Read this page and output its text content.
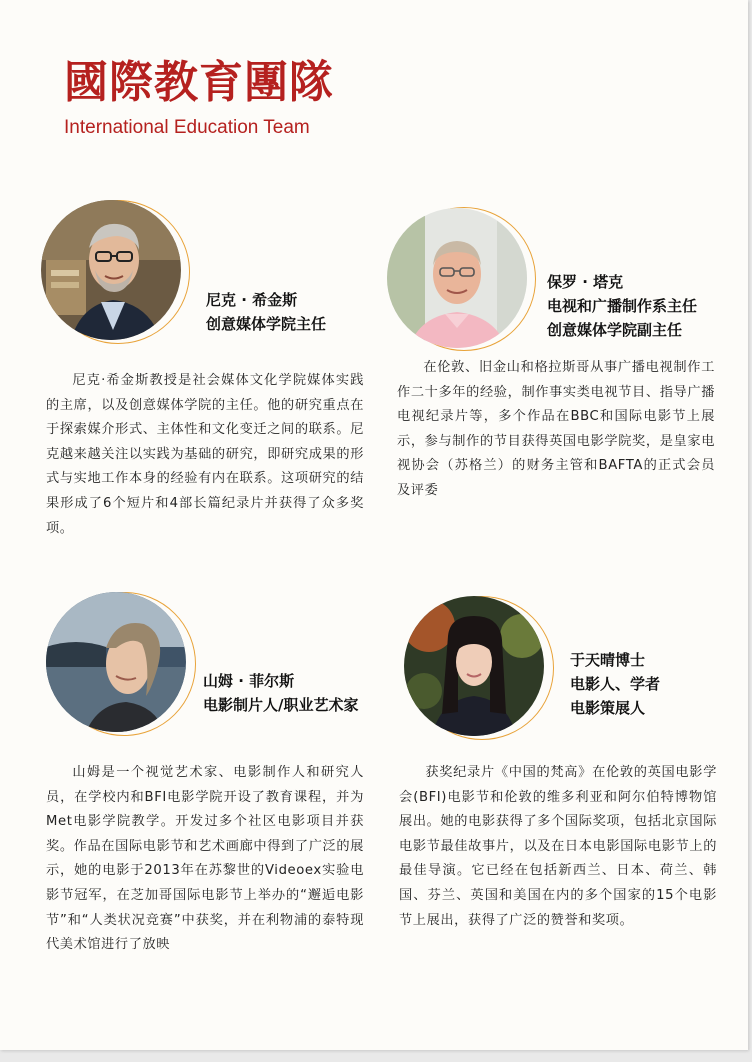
國際教育團隊
International Education Team
尼克 · 希金斯
创意媒体学院主任

尼克·希金斯教授是社会媒体文化学院媒体实践的主席，以及创意媒体学院的主任。他的研究重点在于探索媒介形式、主体性和文化变迁之间的联系。尼克越来越关注以实践为基础的研究，即研究成果的形式与实地工作本身的经验有内在联系。这项研究的结果形成了6个短片和4部长篇纪录片并获得了众多奖项。

保罗 · 塔克
电视和广播制作系主任
创意媒体学院副主任

在伦敦、旧金山和格拉斯哥从事广播电视制作工作二十多年的经验，制作事实类电视节目、指导广播电视纪录片等，多个作品在BBC和国际电影节上展示，参与制作的节目获得英国电影学院奖，是皇家电视协会（苏格兰）的财务主管和BAFTA的正式会员及评委

山姆 · 菲尔斯
电影制片人/职业艺术家

山姆是一个视觉艺术家、电影制作人和研究人员，在学校内和BFI电影学院开设了教育课程，并为Met电影学院教学。开发过多个社区电影项目并获奖。作品在国际电影节和艺术画廊中得到了广泛的展示，她的电影于2013年在苏黎世的Videoex实验电影节冠军，在芝加哥国际电影节上举办的“邂逅电影节”和“人类状况竞赛”中获奖，并在利物浦的泰特现代美术馆进行了放映

于天晴博士
电影人、学者
电影策展人

获奖纪录片《中国的梵高》在伦敦的英国电影学会(BFI)电影节和伦敦的维多利亚和阿尔伯特博物馆展出。她的电影获得了多个国际奖项，包括北京国际电影节最佳故事片，以及在日本电影国际电影节上的最佳导演。它已经在包括新西兰、日本、荷兰、韩国、芬兰、英国和美国在内的多个国家的15个电影节上展出，获得了广泛的赞誉和奖项。
